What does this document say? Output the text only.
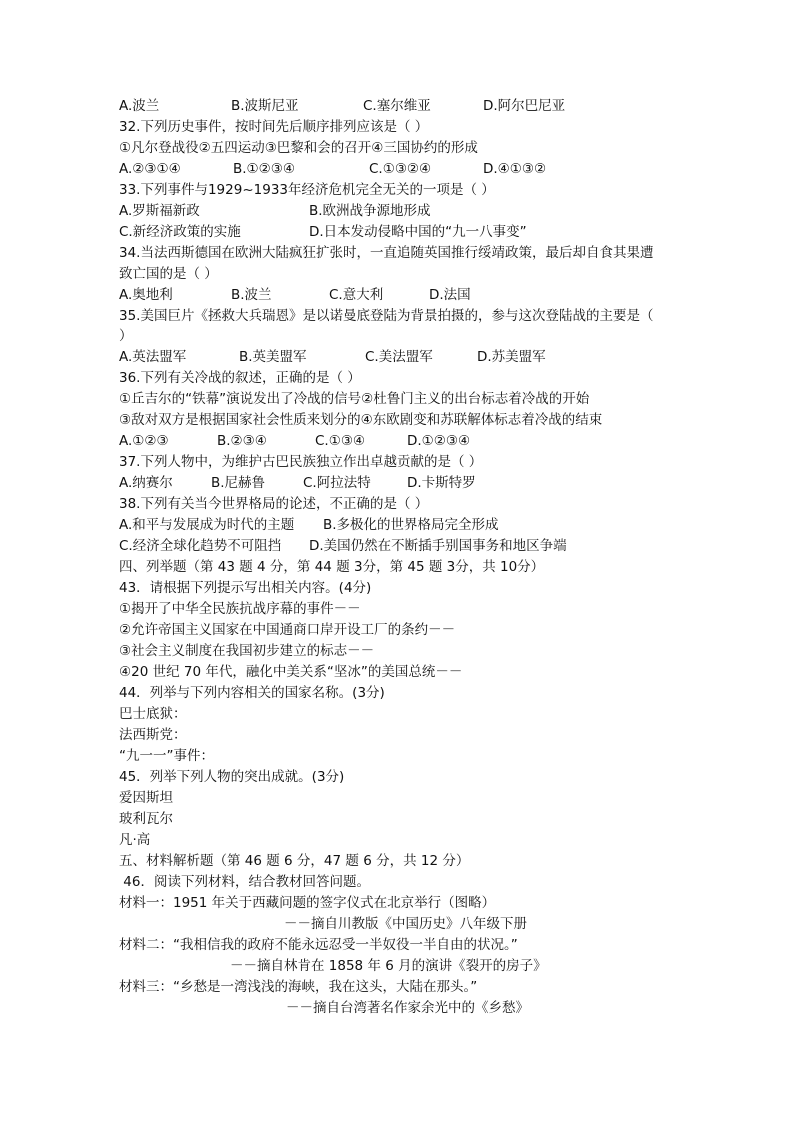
A.波兰

	B.波斯尼亚

	C.塞尔维亚

	D.阿尔巴尼亚

32.下列历史事件，按时间先后顺序排列应该是（ ）
①凡尔登战役②五四运动③巴黎和会的召开④三国协约的形成

A.②③①④

	B.①②③④

	C.①③②④

	D.④①③②

33.下列事件与1929~1933年经济危机完全无关的一项是（ ）

A.罗斯福新政

	B.欧洲战争源地形成

C.新经济政策的实施

	D.日本发动侵略中国的“九一八事变”

34.当法西斯德国在欧洲大陆疯狂扩张时，一直追随英国推行绥靖政策，最后却自食其果遭
致亡国的是（ ）

A.奥地利

	B.波兰

	C.意大利

	D.法国

35.美国巨片《拯救大兵瑞恩》是以诺曼底登陆为背景拍摄的，参与这次登陆战的主要是（
）

A.英法盟军

	B.英美盟军

	C.美法盟军

	D.苏美盟军

36.下列有关冷战的叙述，正确的是（ ）
①丘吉尔的“铁幕”演说发出了冷战的信号②杜鲁门主义的出台标志着冷战的开始
③敌对双方是根据国家社会性质来划分的④东欧剧变和苏联解体标志着冷战的结束

A.①②③

	B.②③④

	C.①③④

	D.①②③④

37.下列人物中，为维护古巴民族独立作出卓越贡献的是（ ）

A.纳赛尔

	B.尼赫鲁

	C.阿拉法特

	D.卡斯特罗

38.下列有关当今世界格局的论述，不正确的是（ ）

A.和平与发展成为时代的主题

B.多极化的世界格局完全形成

C.经济全球化趋势不可阻挡

D.美国仍然在不断插手别国事务和地区争端

四、列举题（第 43 题 4 分，第 44 题 3分，第 45 题 3分，共 10分）
43．请根据下列提示写出相关内容。(4分)
①揭开了中华全民族抗战序幕的事件－－
②允许帝国主义国家在中国通商口岸开设工厂的条约－－
③社会主义制度在我国初步建立的标志－－
④20 世纪 70 年代，融化中美关系“坚冰”的美国总统－－
44．列举与下列内容相关的国家名称。(3分)
巴士底狱：
法西斯党：
“九一一”事件：
45．列举下列人物的突出成就。(3分)
爱因斯坦
玻利瓦尔
凡·高
五、材料解析题（第 46 题 6 分，47 题 6 分，共 12 分）
46．阅读下列材料，结合教材回答问题。
材料一：1951 年关于西藏问题的签字仪式在北京举行（图略）
－－摘自川教版《中国历史》八年级下册
材料二：“我相信我的政府不能永远忍受一半奴役一半自由的状况。”
－－摘自林肯在 1858 年 6 月的演讲《裂开的房子》
材料三：“乡愁是一湾浅浅的海峡，我在这头，大陆在那头。”
－－摘自台湾著名作家余光中的《乡愁》
